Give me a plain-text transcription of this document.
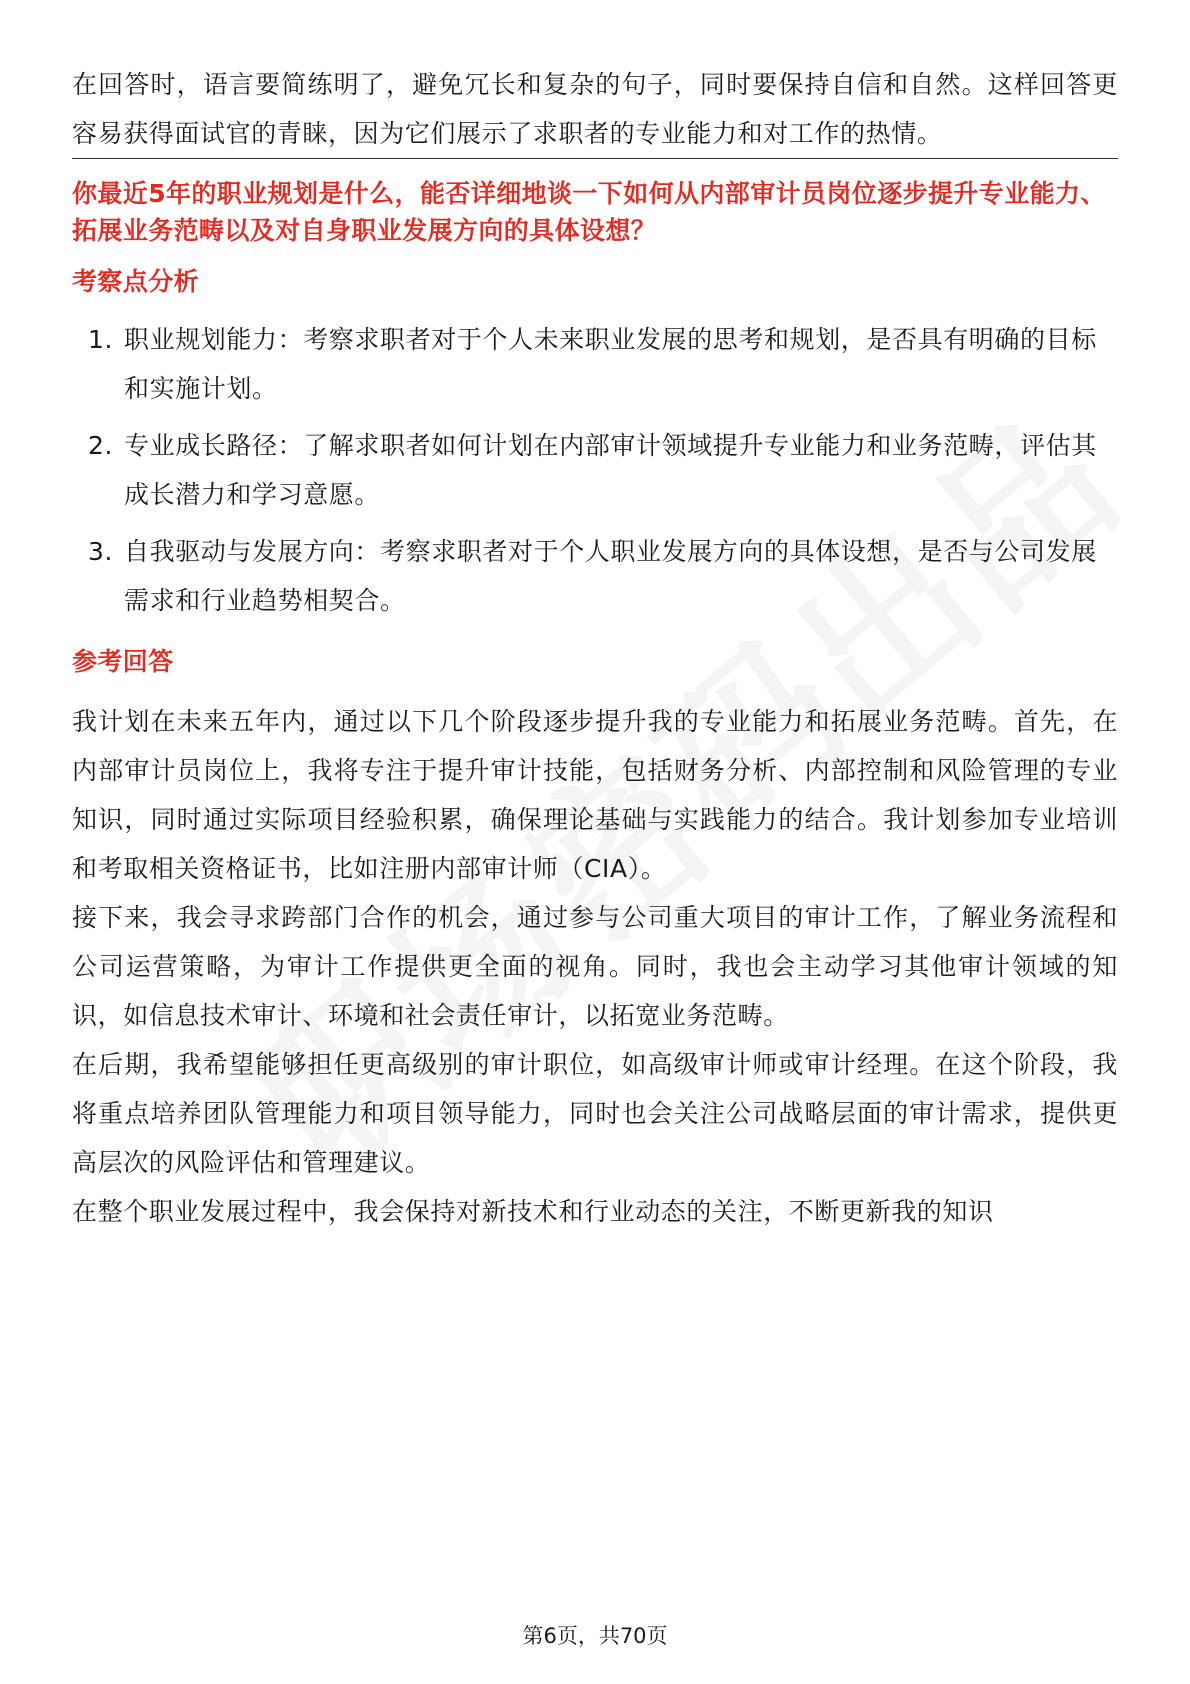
在回答时，语言要简练明了，避免冗长和复杂的句子，同时要保持自信和自然。这样回答更容易获得面试官的青睐，因为它们展示了求职者的专业能力和对工作的热情。

你最近5年的职业规划是什么，能否详细地谈一下如何从内部审计员岗位逐步提升专业能力、拓展业务范畴以及对自身职业发展方向的具体设想？
考察点分析
1. 职业规划能力：考察求职者对于个人未来职业发展的思考和规划，是否具有明确的目标和实施计划。
2. 专业成长路径：了解求职者如何计划在内部审计领域提升专业能力和业务范畴，评估其成长潜力和学习意愿。
3. 自我驱动与发展方向：考察求职者对于个人职业发展方向的具体设想，是否与公司发展需求和行业趋势相契合。
参考回答

我计划在未来五年内，通过以下几个阶段逐步提升我的专业能力和拓展业务范畴。首先，在内部审计员岗位上，我将专注于提升审计技能，包括财务分析、内部控制和风险管理的专业知识，同时通过实际项目经验积累，确保理论基础与实践能力的结合。我计划参加专业培训和考取相关资格证书，比如注册内部审计师（CIA）。

接下来，我会寻求跨部门合作的机会，通过参与公司重大项目的审计工作，了解业务流程和公司运营策略，为审计工作提供更全面的视角。同时，我也会主动学习其他审计领域的知识，如信息技术审计、环境和社会责任审计，以拓宽业务范畴。

在后期，我希望能够担任更高级别的审计职位，如高级审计师或审计经理。在这个阶段，我将重点培养团队管理能力和项目领导能力，同时也会关注公司战略层面的审计需求，提供更高层次的风险评估和管理建议。

在整个职业发展过程中，我会保持对新技术和行业动态的关注，不断更新我的知识

第6页，共70页
